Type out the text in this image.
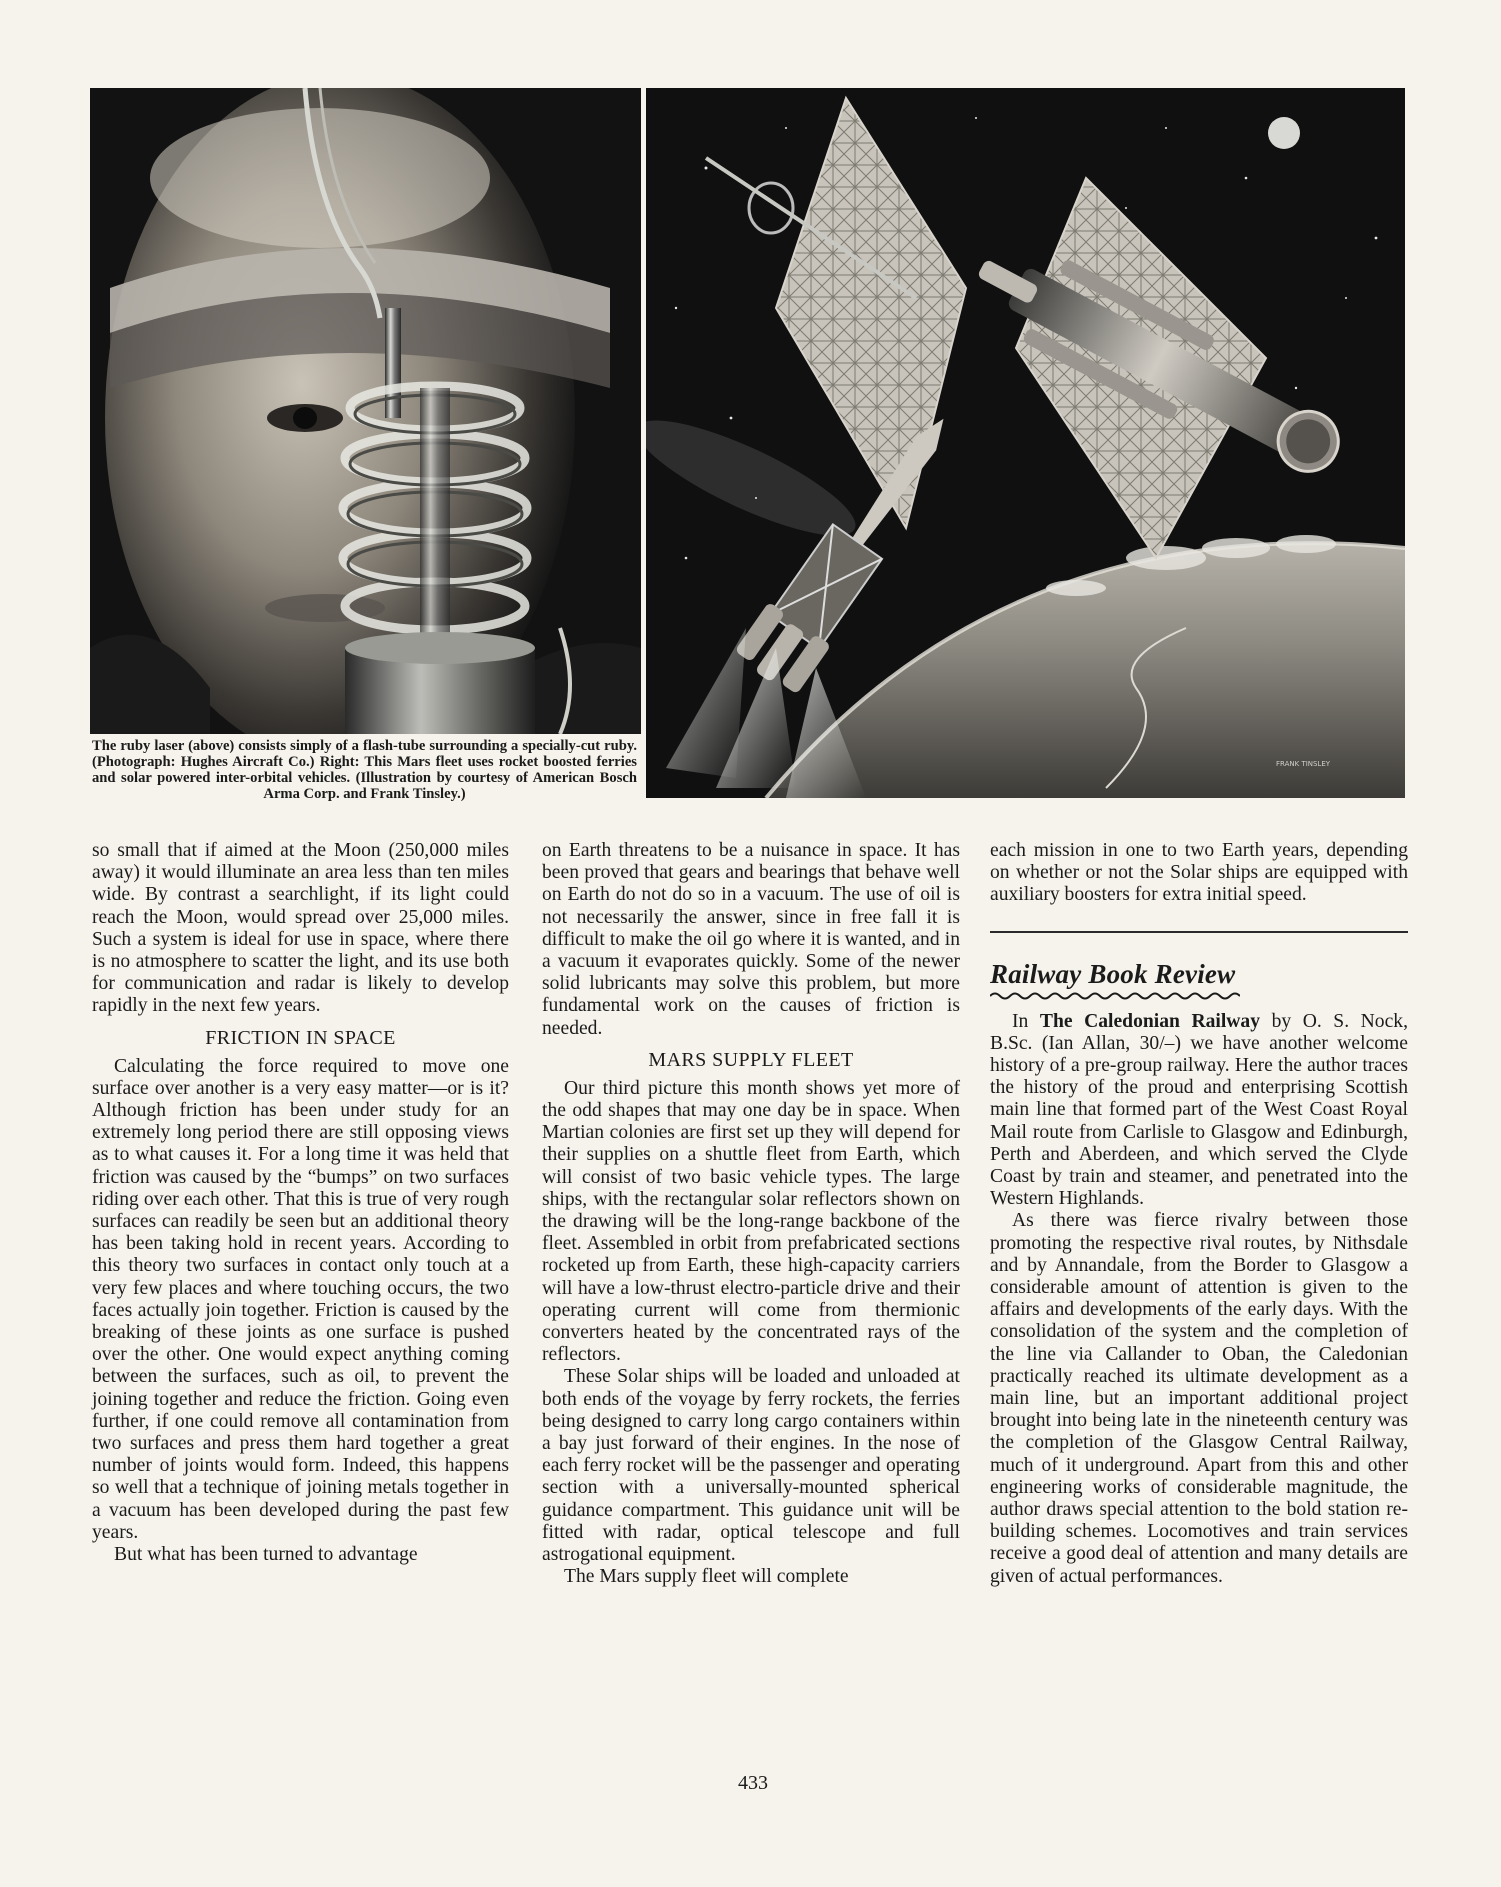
FRANK TINSLEY

The ruby laser (above) consists simply of a flash-tube surrounding a specially-cut ruby. (Photograph: Hughes Aircraft Co.) Right: This Mars fleet uses rocket boosted ferries and solar powered inter-orbital vehicles. (Illustration by courtesy of American Bosch Arma Corp. and Frank Tinsley.)

so small that if aimed at the Moon (250,000 miles away) it would illuminate an area less than ten miles wide. By contrast a searchlight, if its light could reach the Moon, would spread over 25,000 miles. Such a system is ideal for use in space, where there is no atmosphere to scatter the light, and its use both for communication and radar is likely to develop rapidly in the next few years.

FRICTION IN SPACE

Calculating the force required to move one surface over another is a very easy matter—or is it? Although friction has been under study for an extremely long period there are still opposing views as to what causes it. For a long time it was held that friction was caused by the “bumps” on two surfaces riding over each other. That this is true of very rough surfaces can readily be seen but an additional theory has been taking hold in recent years. According to this theory two surfaces in contact only touch at a very few places and where touching occurs, the two faces actually join together. Friction is caused by the breaking of these joints as one surface is pushed over the other. One would expect anything coming between the surfaces, such as oil, to prevent the joining together and reduce the friction. Going even further, if one could remove all contamination from two surfaces and press them hard together a great number of joints would form. Indeed, this happens so well that a technique of joining metals together in a vacuum has been developed during the past few years.

But what has been turned to advantage

on Earth threatens to be a nuisance in space. It has been proved that gears and bearings that behave well on Earth do not do so in a vacuum. The use of oil is not necessarily the answer, since in free fall it is difficult to make the oil go where it is wanted, and in a vacuum it evaporates quickly. Some of the newer solid lubricants may solve this problem, but more fundamental work on the causes of friction is needed.

MARS SUPPLY FLEET

Our third picture this month shows yet more of the odd shapes that may one day be in space. When Martian colonies are first set up they will depend for their supplies on a shuttle fleet from Earth, which will consist of two basic vehicle types. The large ships, with the rectangular solar reflectors shown on the drawing will be the long-range backbone of the fleet. Assembled in orbit from prefabricated sections rocketed up from Earth, these high-capacity carriers will have a low-thrust electro-particle drive and their operating current will come from thermionic converters heated by the concentrated rays of the reflectors.

These Solar ships will be loaded and unloaded at both ends of the voyage by ferry rockets, the ferries being designed to carry long cargo containers within a bay just forward of their engines. In the nose of each ferry rocket will be the passenger and operating section with a universally-mounted spherical guidance compartment. This guidance unit will be fitted with radar, optical telescope and full astrogational equipment.

The Mars supply fleet will complete

each mission in one to two Earth years, depending on whether or not the Solar ships are equipped with auxiliary boosters for extra initial speed.

Railway Book Review

In The Caledonian Railway by O. S. Nock, B.Sc. (Ian Allan, 30/–) we have another welcome history of a pre-group railway. Here the author traces the history of the proud and enterprising Scottish main line that formed part of the West Coast Royal Mail route from Carlisle to Glasgow and Edinburgh, Perth and Aberdeen, and which served the Clyde Coast by train and steamer, and penetrated into the Western Highlands.

As there was fierce rivalry between those promoting the respective rival routes, by Nithsdale and by Annandale, from the Border to Glasgow a considerable amount of attention is given to the affairs and developments of the early days. With the consolidation of the system and the completion of the line via Callander to Oban, the Caledonian practically reached its ultimate development as a main line, but an important additional project brought into being late in the nineteenth century was the completion of the Glasgow Central Railway, much of it underground. Apart from this and other engineering works of considerable magnitude, the author draws special attention to the bold station re-building schemes. Locomotives and train services receive a good deal of attention and many details are given of actual performances.

433
